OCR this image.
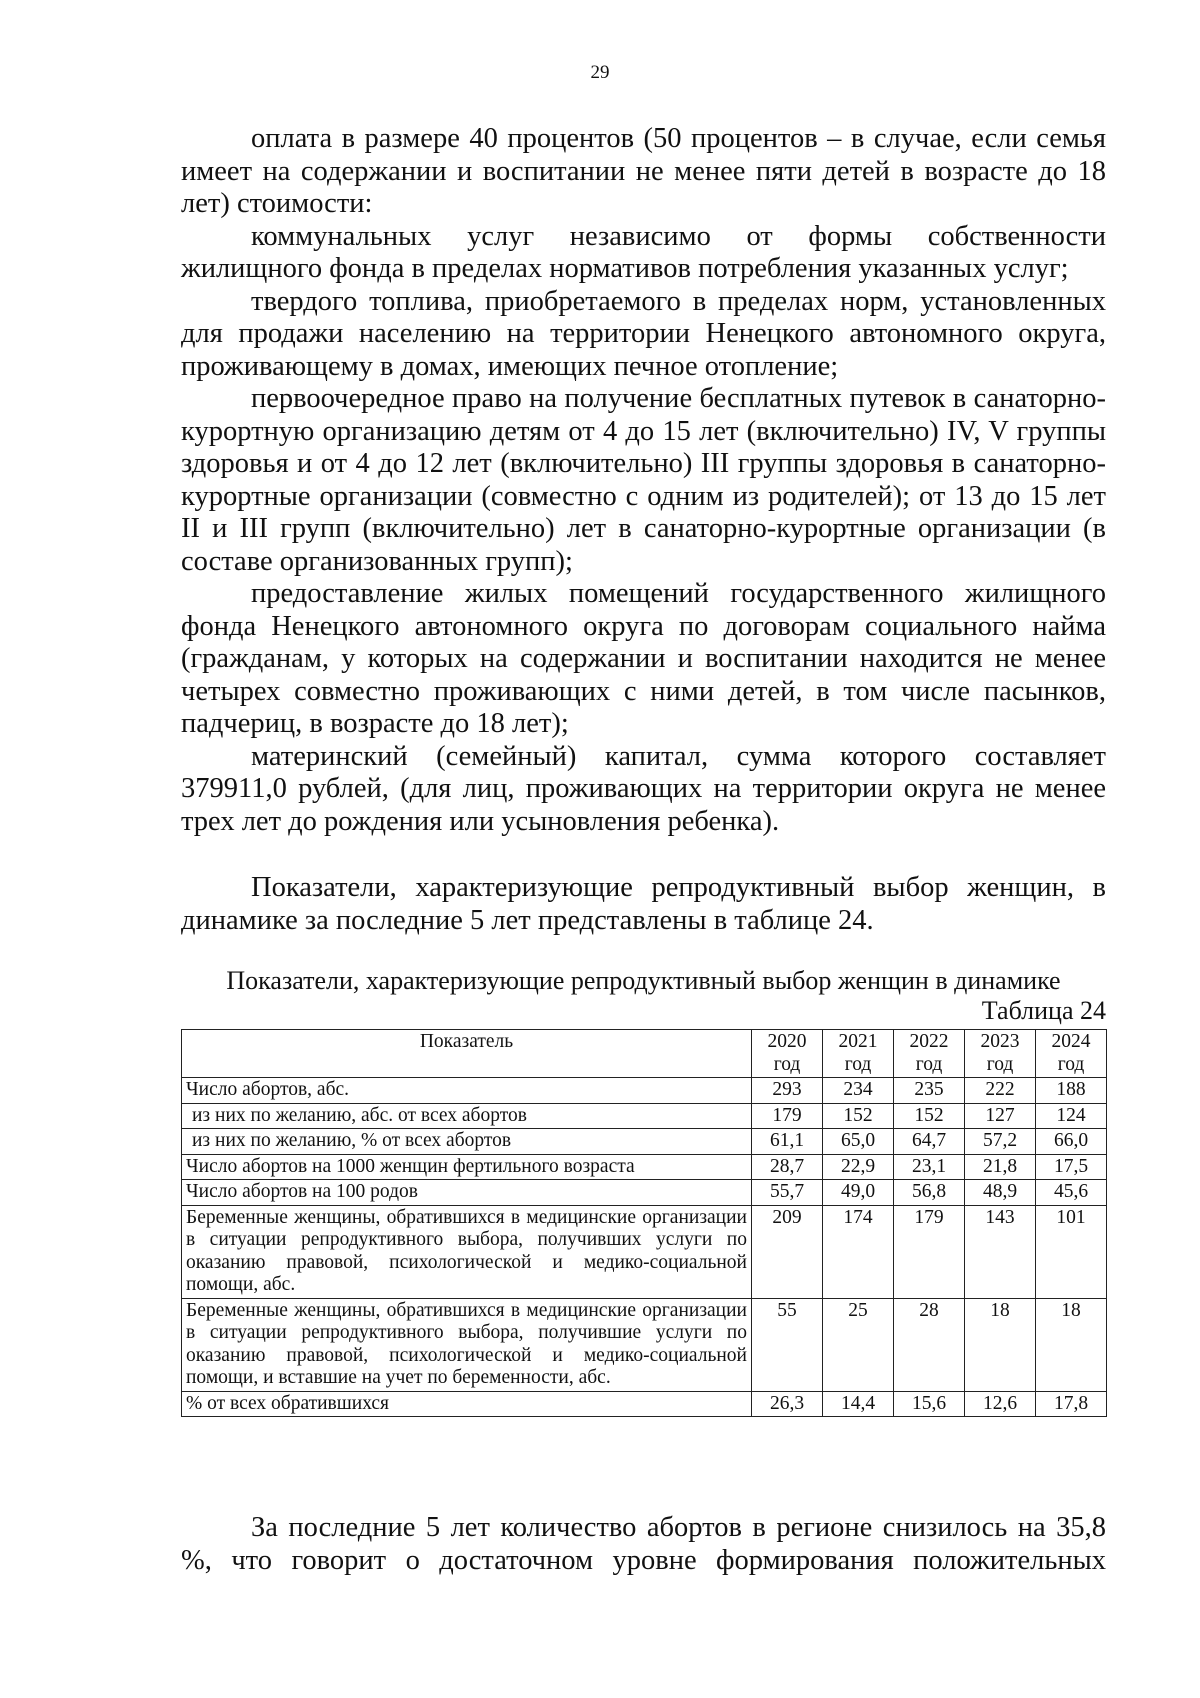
29

оплата в размере 40 процентов (50 процентов – в случае, если семья имеет на содержании и воспитании не менее пяти детей в возрасте до 18 лет) стоимости:

коммунальных услуг независимо от формы собственности жилищного фонда в пределах нормативов потребления указанных услуг;

твердого топлива, приобретаемого в пределах норм, установленных для продажи населению на территории Ненецкого автономного округа, проживающему в домах, имеющих печное отопление;

первоочередное право на получение бесплатных путевок в санаторно-курортную организацию детям от 4 до 15 лет (включительно) IV, V группы здоровья и от 4 до 12 лет (включительно) III группы здоровья в санаторно-курортные организации (совместно с одним из родителей); от 13 до 15 лет II и III групп (включительно) лет в санаторно-курортные организации (в составе организованных групп);

предоставление жилых помещений государственного жилищного фонда Ненецкого автономного округа по договорам социального найма (гражданам, у которых на содержании и воспитании находится не менее четырех совместно проживающих с ними детей, в том числе пасынков, падчериц, в возрасте до 18 лет);

материнский (семейный) капитал, сумма которого составляет 379911,0 рублей, (для лиц, проживающих на территории округа не менее трех лет до рождения или усыновления ребенка).

Показатели, характеризующие репродуктивный выбор женщин, в динамике за последние 5 лет представлены в таблице 24.

Показатели, характеризующие репродуктивный выбор женщин в динамике
Таблица 24
Показатель	2020 год	2021 год	2022 год	2023 год	2024 год
Число абортов, абс.	293	234	235	222	188
из них по желанию, абс. от всех абортов	179	152	152	127	124
из них по желанию, % от всех абортов	61,1	65,0	64,7	57,2	66,0
Число абортов на 1000 женщин фертильного возраста	28,7	22,9	23,1	21,8	17,5
Число абортов на 100 родов	55,7	49,0	56,8	48,9	45,6
Беременные женщины, обратившихся в медицинские организации в ситуации репродуктивного выбора, получивших услуги по оказанию правовой, психологической и медико-социальной помощи, абс.	209	174	179	143	101
Беременные женщины, обратившихся в медицинские организации в ситуации репродуктивного выбора, получившие услуги по оказанию правовой, психологической и медико-социальной помощи, и вставшие на учет по беременности, абс.	55	25	28	18	18
% от всех обратившихся	26,3	14,4	15,6	12,6	17,8

За последние 5 лет количество абортов в регионе снизилось на 35,8 %, что говорит о достаточном уровне формирования положительных
